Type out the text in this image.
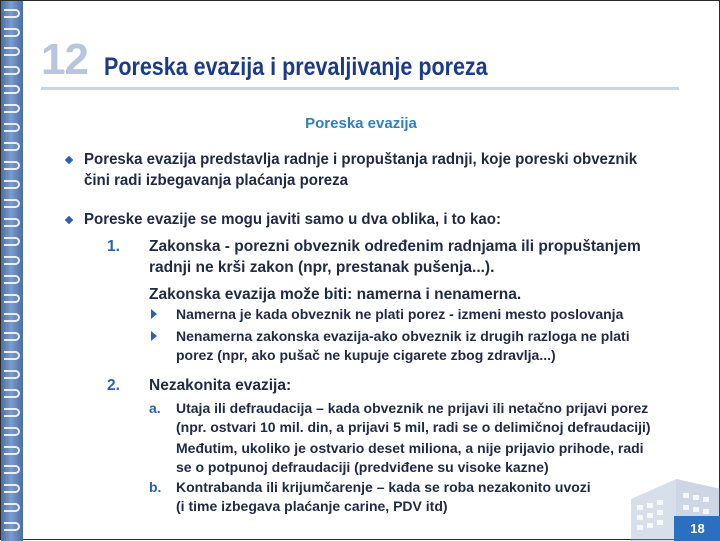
12 Poreska evazija i prevaljivanje poreza
Poreska evazija
Poreska evazija predstavlja radnje i propuštanja radnji, koje poreski obveznik
čini radi izbegavanja plaćanja poreza
Poreske evazije se mogu javiti samo u dva oblika, i to kao:
1. Zakonska - porezni obveznik određenim radnjama ili propuštanjem
radnji ne krši zakon (npr, prestanak pušenja...).
Zakonska evazija može biti: namerna i nenamerna.
Namerna je kada obveznik ne plati porez - izmeni mesto poslovanja
Nenamerna zakonska evazija-ako obveznik iz drugih razloga ne plati
porez (npr, ako pušač ne kupuje cigarete zbog zdravlja...)
2. Nezakonita evazija:
a. Utaja ili defraudacija – kada obveznik ne prijavi ili netačno prijavi porez
(npr. ostvari 10 mil. din, a prijavi 5 mil, radi se o delimičnoj defraudaciji)
Međutim, ukoliko je ostvario deset miliona, a nije prijavio prihode, radi
se o potpunoj defraudaciji (predviđene su visoke kazne)
b. Kontrabanda ili krijumčarenje – kada se roba nezakonito uvozi
(i time izbegava plaćanje carine, PDV itd)
18
